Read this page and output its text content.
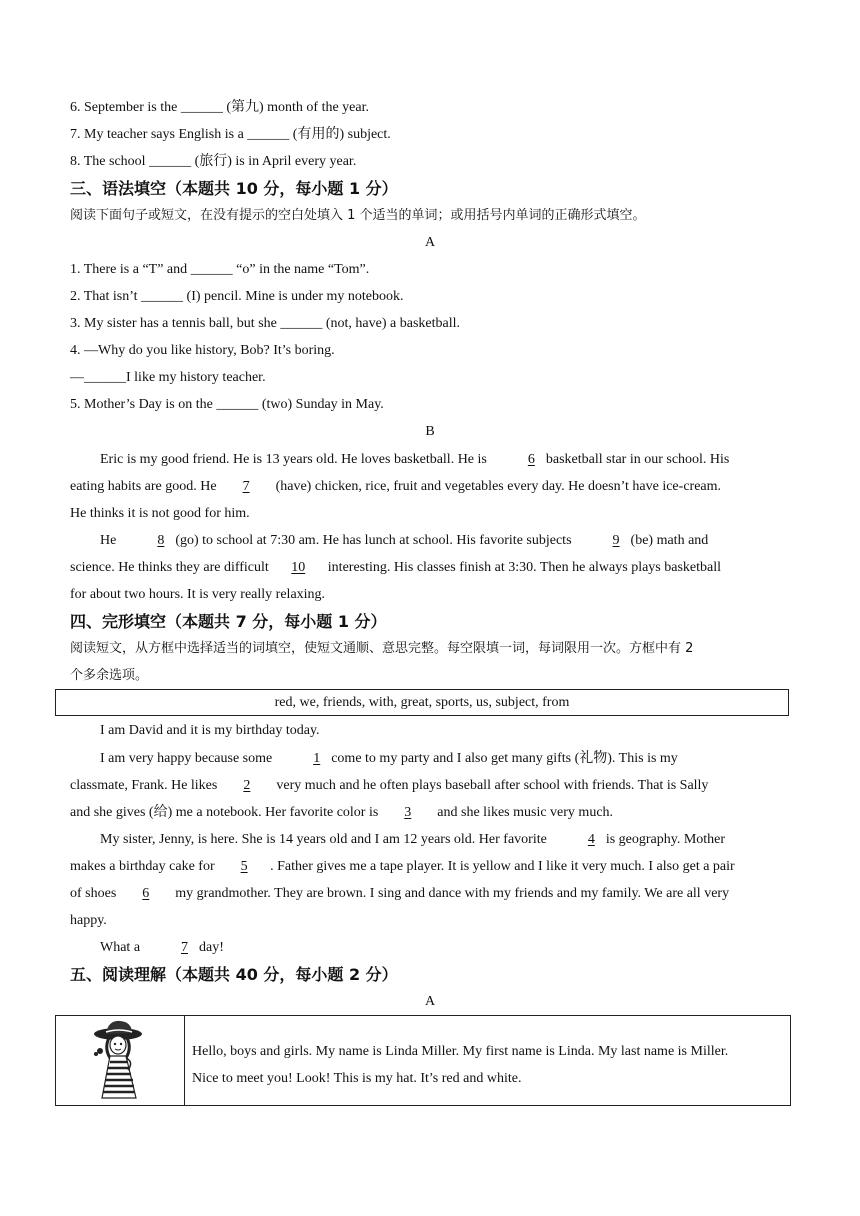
6. September is the ______ (第九) month of the year.
7. My teacher says English is a ______ (有用的) subject.
8. The school ______ (旅行) is in April every year.
三、语法填空（本题共 10 分，每小题 1 分）
阅读下面句子或短文，在没有提示的空白处填入 1 个适当的单词；或用括号内单词的正确形式填空。
A
1. There is a “T” and ______ “o” in the name “Tom”.
2. That isn’t ______ (I) pencil. Mine is under my notebook.
3. My sister has a tennis ball, but she ______ (not, have) a basketball.
4. —Why do you like history, Bob? It’s boring.
—______I like my history teacher.
5. Mother’s Day is on the ______ (two) Sunday in May.
B
Eric is my good friend. He is 13 years old. He loves basketball. He is	6 basketball star in our school. His
eating habits are good. He 7 (have) chicken, rice, fruit and vegetables every day. He doesn’t have ice-cream.
He thinks it is not good for him.
He	8 (go) to school at 7:30 am. He has lunch at school. His favorite subjects	9 (be) math and
science. He thinks they are difficult 10 interesting. His classes finish at 3:30. Then he always plays basketball
for about two hours. It is very really relaxing.
四、完形填空（本题共 7 分，每小题 1 分）
阅读短文，从方框中选择适当的词填空，使短文通顺、意思完整。每空限填一词，每词限用一次。方框中有 2
个多余选项。
red, we, friends, with, great, sports, us, subject, from
I am David and it is my birthday today.
I am very happy because some	1 come to my party and I also get many gifts (礼物). This is my
classmate, Frank. He likes 2 very much and he often plays baseball after school with friends. That is Sally
and she gives (给) me a notebook. Her favorite color is 3 and she likes music very much.
My sister, Jenny, is here. She is 14 years old and I am 12 years old. Her favorite	4 is geography. Mother
makes a birthday cake for 5 . Father gives me a tape player. It is yellow and I like it very much. I also get a pair
of shoes 6 my grandmother. They are brown. I sing and dance with my friends and my family. We are all very
happy.
What a	7 day!
五、阅读理解（本题共 40 分，每小题 2 分）
A
Hello, boys and girls. My name is Linda Miller. My first name is Linda. My last name is Miller.
Nice to meet you! Look! This is my hat. It’s red and white.
